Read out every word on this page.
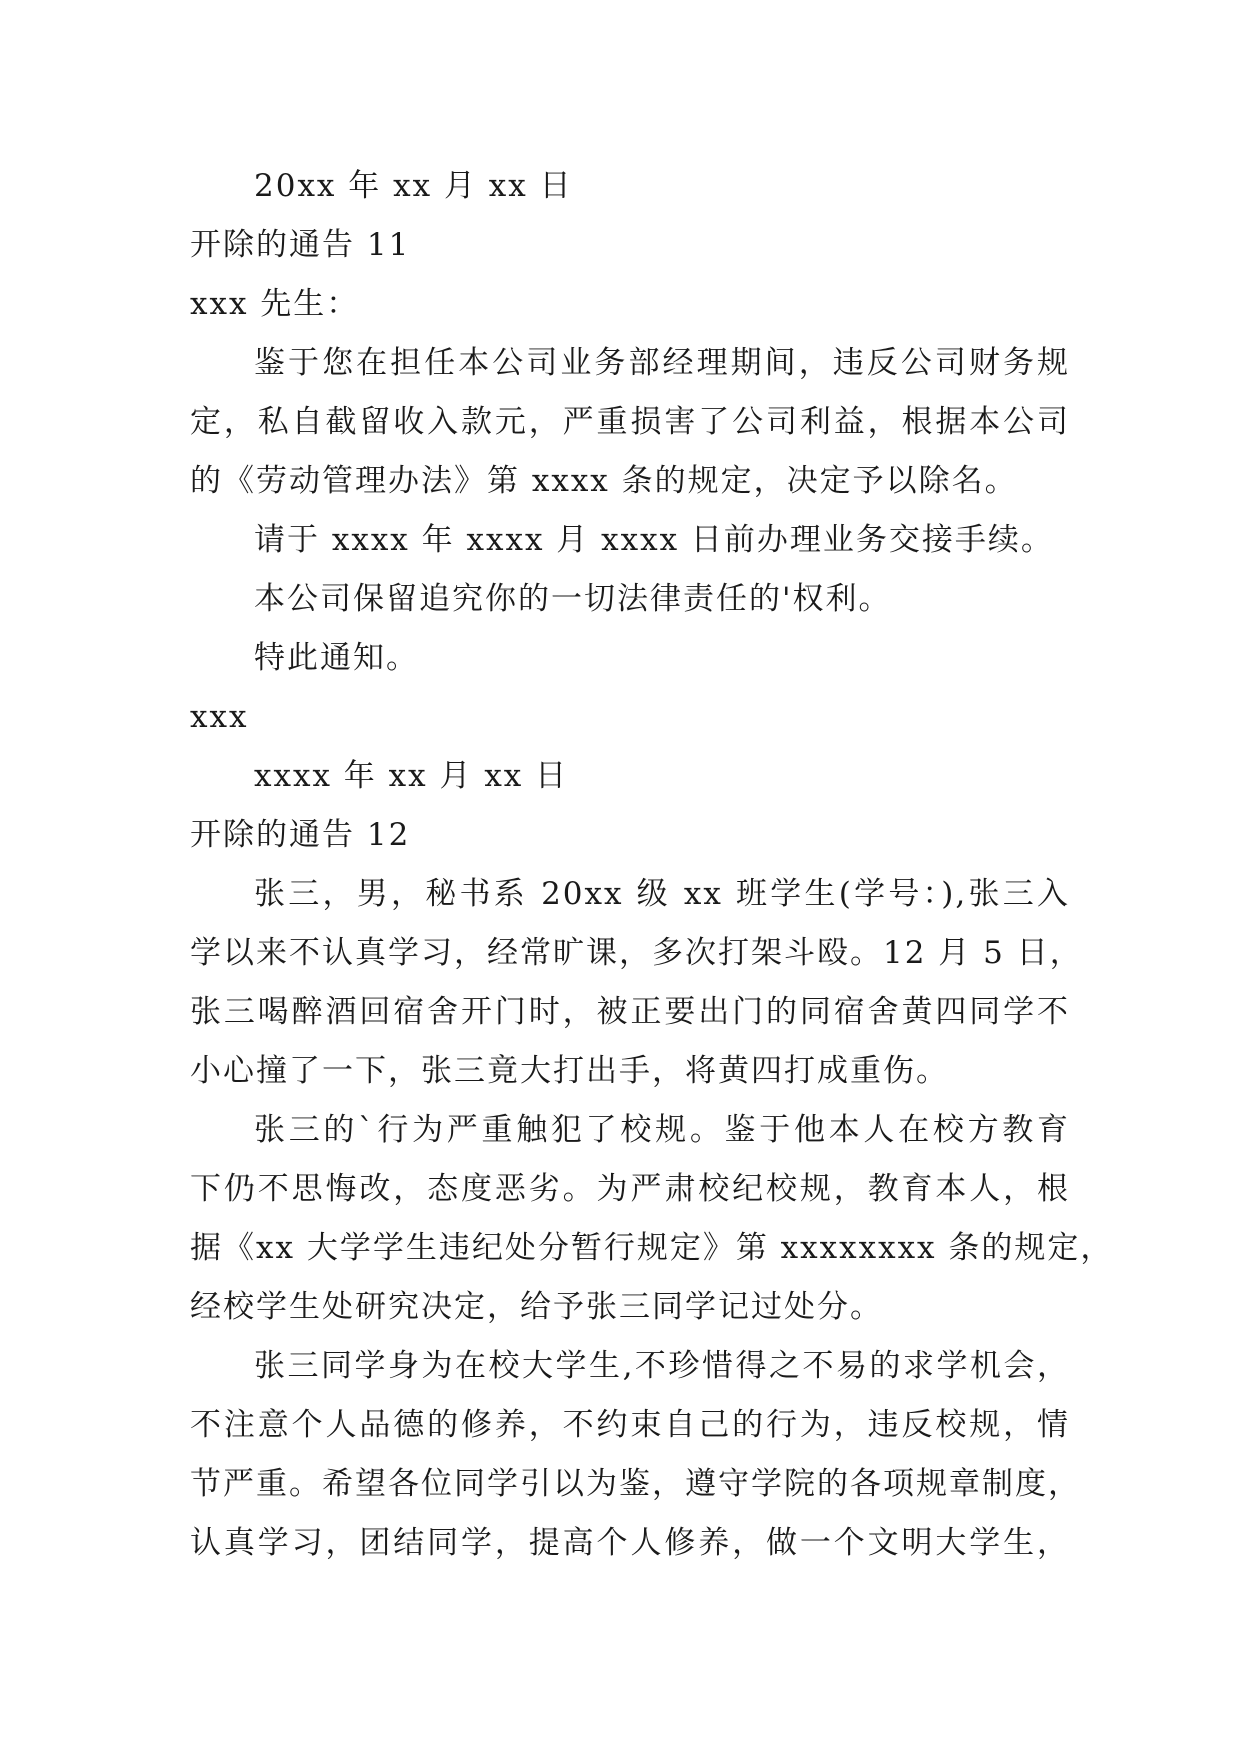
20xx 年 xx 月 xx 日
开除的通告 11
xxx 先生：
鉴于您在担任本公司业务部经理期间，违反公司财务规
定，私自截留收入款元，严重损害了公司利益，根据本公司
的《劳动管理办法》第 xxxx 条的规定，决定予以除名。
请于 xxxx 年 xxxx 月 xxxx 日前办理业务交接手续。
本公司保留追究你的一切法律责任的'权利。
特此通知。
xxx
xxxx 年 xx 月 xx 日
开除的通告 12
张三，男，秘书系 20xx 级 xx 班学生(学号：),张三入
学以来不认真学习，经常旷课，多次打架斗殴。12 月 5 日，
张三喝醉酒回宿舍开门时，被正要出门的同宿舍黄四同学不
小心撞了一下，张三竟大打出手，将黄四打成重伤。
张三的`行为严重触犯了校规。鉴于他本人在校方教育
下仍不思悔改，态度恶劣。为严肃校纪校规，教育本人，根
据《xx 大学学生违纪处分暂行规定》第 xxxxxxxx 条的规定，
经校学生处研究决定，给予张三同学记过处分。
张三同学身为在校大学生,不珍惜得之不易的求学机会，
不注意个人品德的修养，不约束自己的行为，违反校规，情
节严重。希望各位同学引以为鉴，遵守学院的各项规章制度，
认真学习，团结同学，提高个人修养，做一个文明大学生，
